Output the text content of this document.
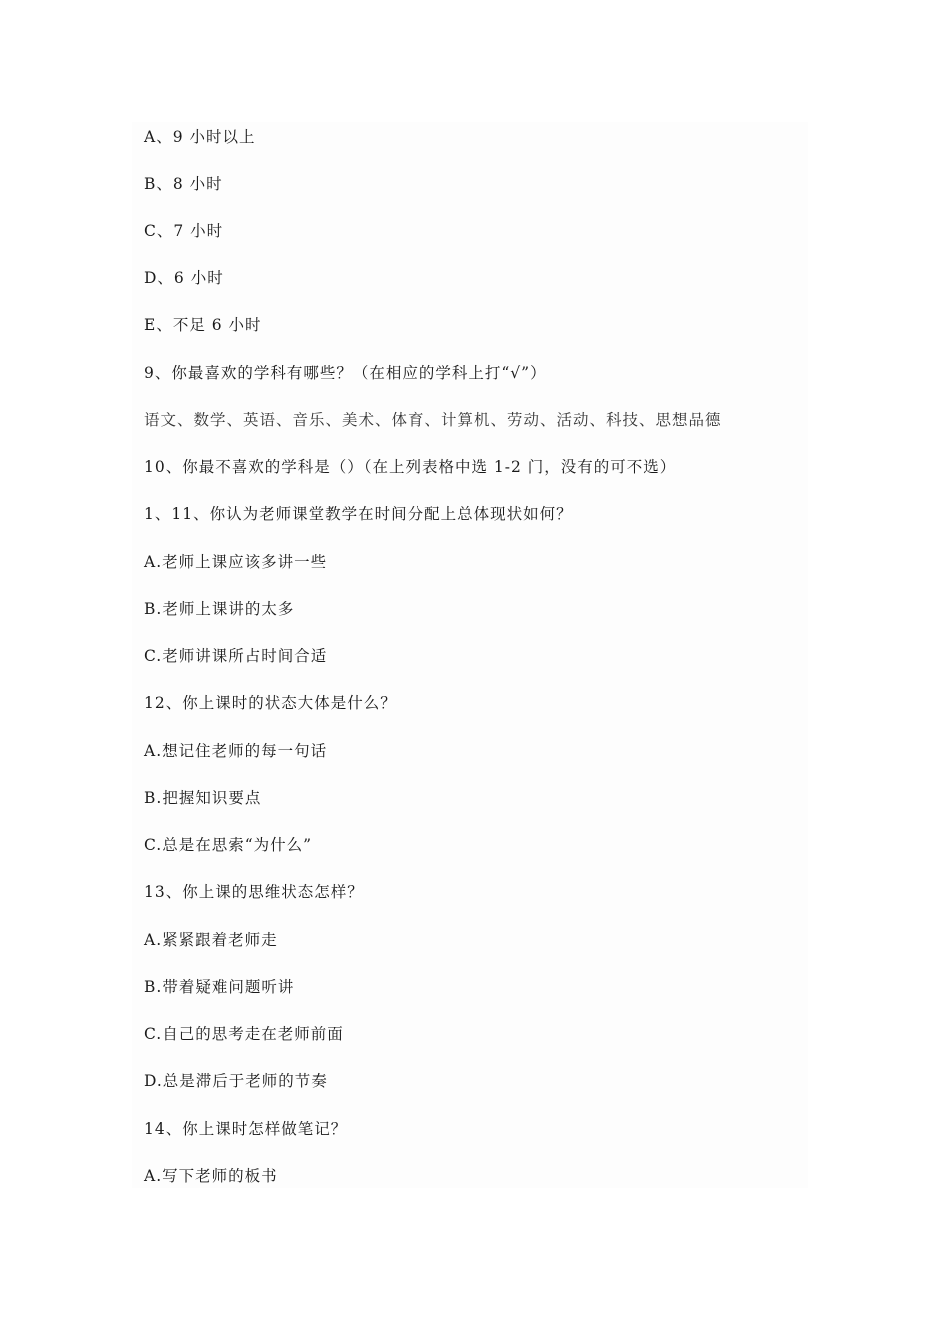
A、9 小时以上
B、8 小时
C、7 小时
D、6 小时
E、不足 6 小时
9、你最喜欢的学科有哪些？（在相应的学科上打“√”）
语文、数学、英语、音乐、美术、体育、计算机、劳动、活动、科技、思想品德
10、你最不喜欢的学科是（）（在上列表格中选 1-2 门，没有的可不选）
1、11、你认为老师课堂教学在时间分配上总体现状如何？
A.老师上课应该多讲一些
B.老师上课讲的太多
C.老师讲课所占时间合适
12、你上课时的状态大体是什么？
A.想记住老师的每一句话
B.把握知识要点
C.总是在思索“为什么”
13、你上课的思维状态怎样？
A.紧紧跟着老师走
B.带着疑难问题听讲
C.自己的思考走在老师前面
D.总是滞后于老师的节奏
14、你上课时怎样做笔记？
A.写下老师的板书
